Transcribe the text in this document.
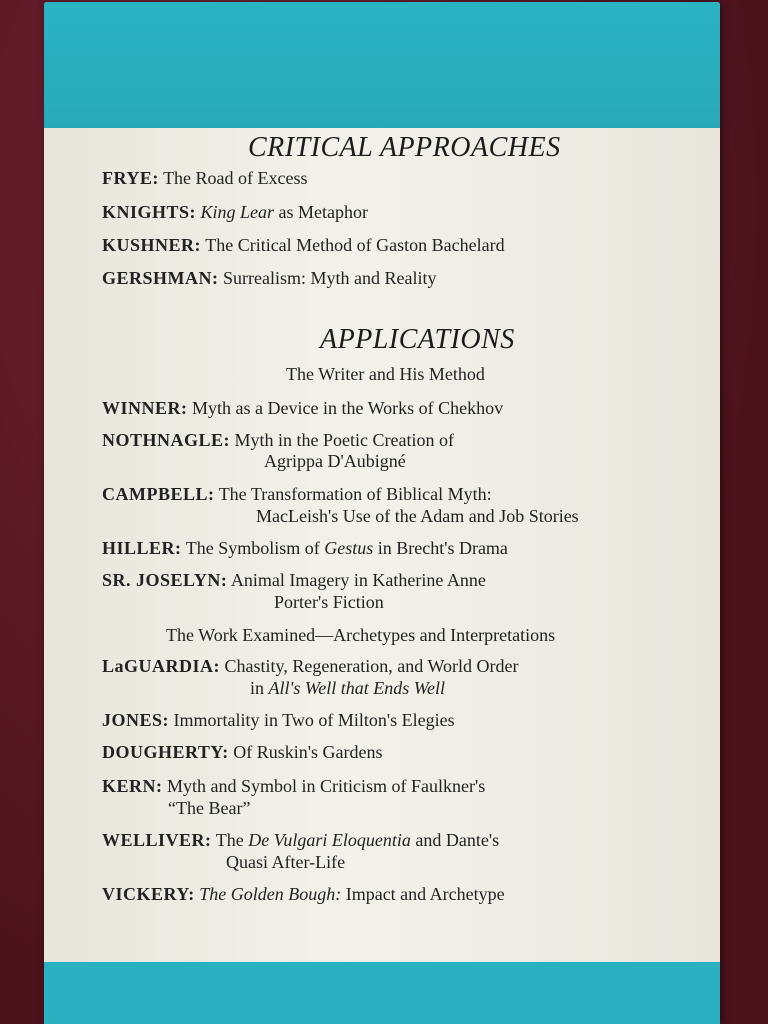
CRITICAL APPROACHES
FRYE: The Road of Excess
KNIGHTS: King Lear as Metaphor
KUSHNER: The Critical Method of Gaston Bachelard
GERSHMAN: Surrealism: Myth and Reality
APPLICATIONS
The Writer and His Method
WINNER: Myth as a Device in the Works of Chekhov
NOTHNAGLE: Myth in the Poetic Creation of
Agrippa D'Aubigné
CAMPBELL: The Transformation of Biblical Myth:
MacLeish's Use of the Adam and Job Stories
HILLER: The Symbolism of Gestus in Brecht's Drama
SR. JOSELYN: Animal Imagery in Katherine Anne
Porter's Fiction
The Work Examined—Archetypes and Interpretations
LaGUARDIA: Chastity, Regeneration, and World Order
in All's Well that Ends Well
JONES: Immortality in Two of Milton's Elegies
DOUGHERTY: Of Ruskin's Gardens
KERN: Myth and Symbol in Criticism of Faulkner's
“The Bear”
WELLIVER: The De Vulgari Eloquentia and Dante's
Quasi After-Life
VICKERY: The Golden Bough: Impact and Archetype
